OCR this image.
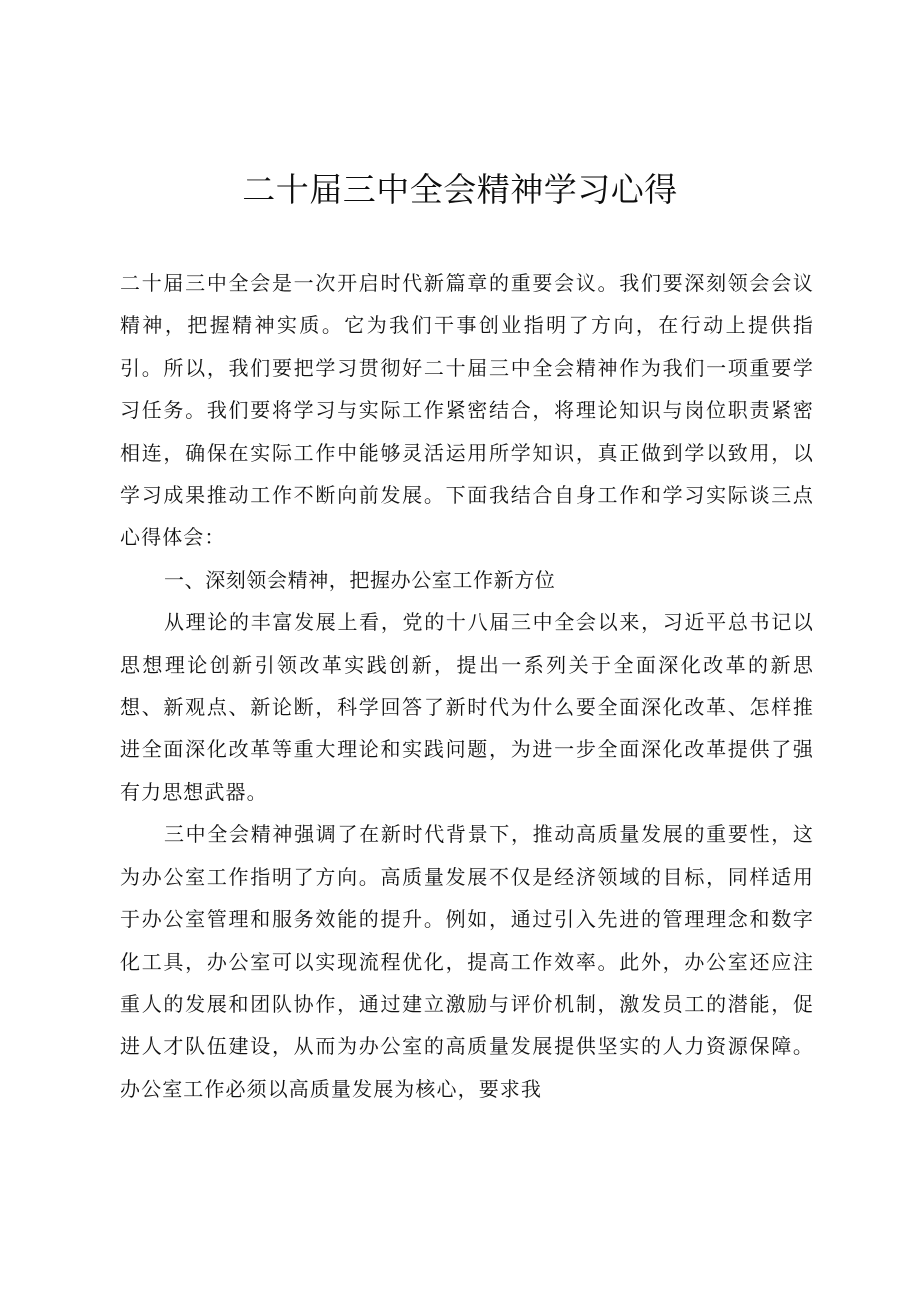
二十届三中全会精神学习心得

二十届三中全会是一次开启时代新篇章的重要会议。我们要深刻领会会议精神，把握精神实质。它为我们干事创业指明了方向，在行动上提供指引。所以，我们要把学习贯彻好二十届三中全会精神作为我们一项重要学习任务。我们要将学习与实际工作紧密结合，将理论知识与岗位职责紧密相连，确保在实际工作中能够灵活运用所学知识，真正做到学以致用，以学习成果推动工作不断向前发展。下面我结合自身工作和学习实际谈三点心得体会：

一、深刻领会精神，把握办公室工作新方位

从理论的丰富发展上看，党的十八届三中全会以来，习近平总书记以思想理论创新引领改革实践创新，提出一系列关于全面深化改革的新思想、新观点、新论断，科学回答了新时代为什么要全面深化改革、怎样推进全面深化改革等重大理论和实践问题，为进一步全面深化改革提供了强有力思想武器。

三中全会精神强调了在新时代背景下，推动高质量发展的重要性，这为办公室工作指明了方向。高质量发展不仅是经济领域的目标，同样适用于办公室管理和服务效能的提升。例如，通过引入先进的管理理念和数字化工具，办公室可以实现流程优化，提高工作效率。此外，办公室还应注重人的发展和团队协作，通过建立激励与评价机制，激发员工的潜能，促进人才队伍建设，从而为办公室的高质量发展提供坚实的人力资源保障。办公室工作必须以高质量发展为核心，要求我
